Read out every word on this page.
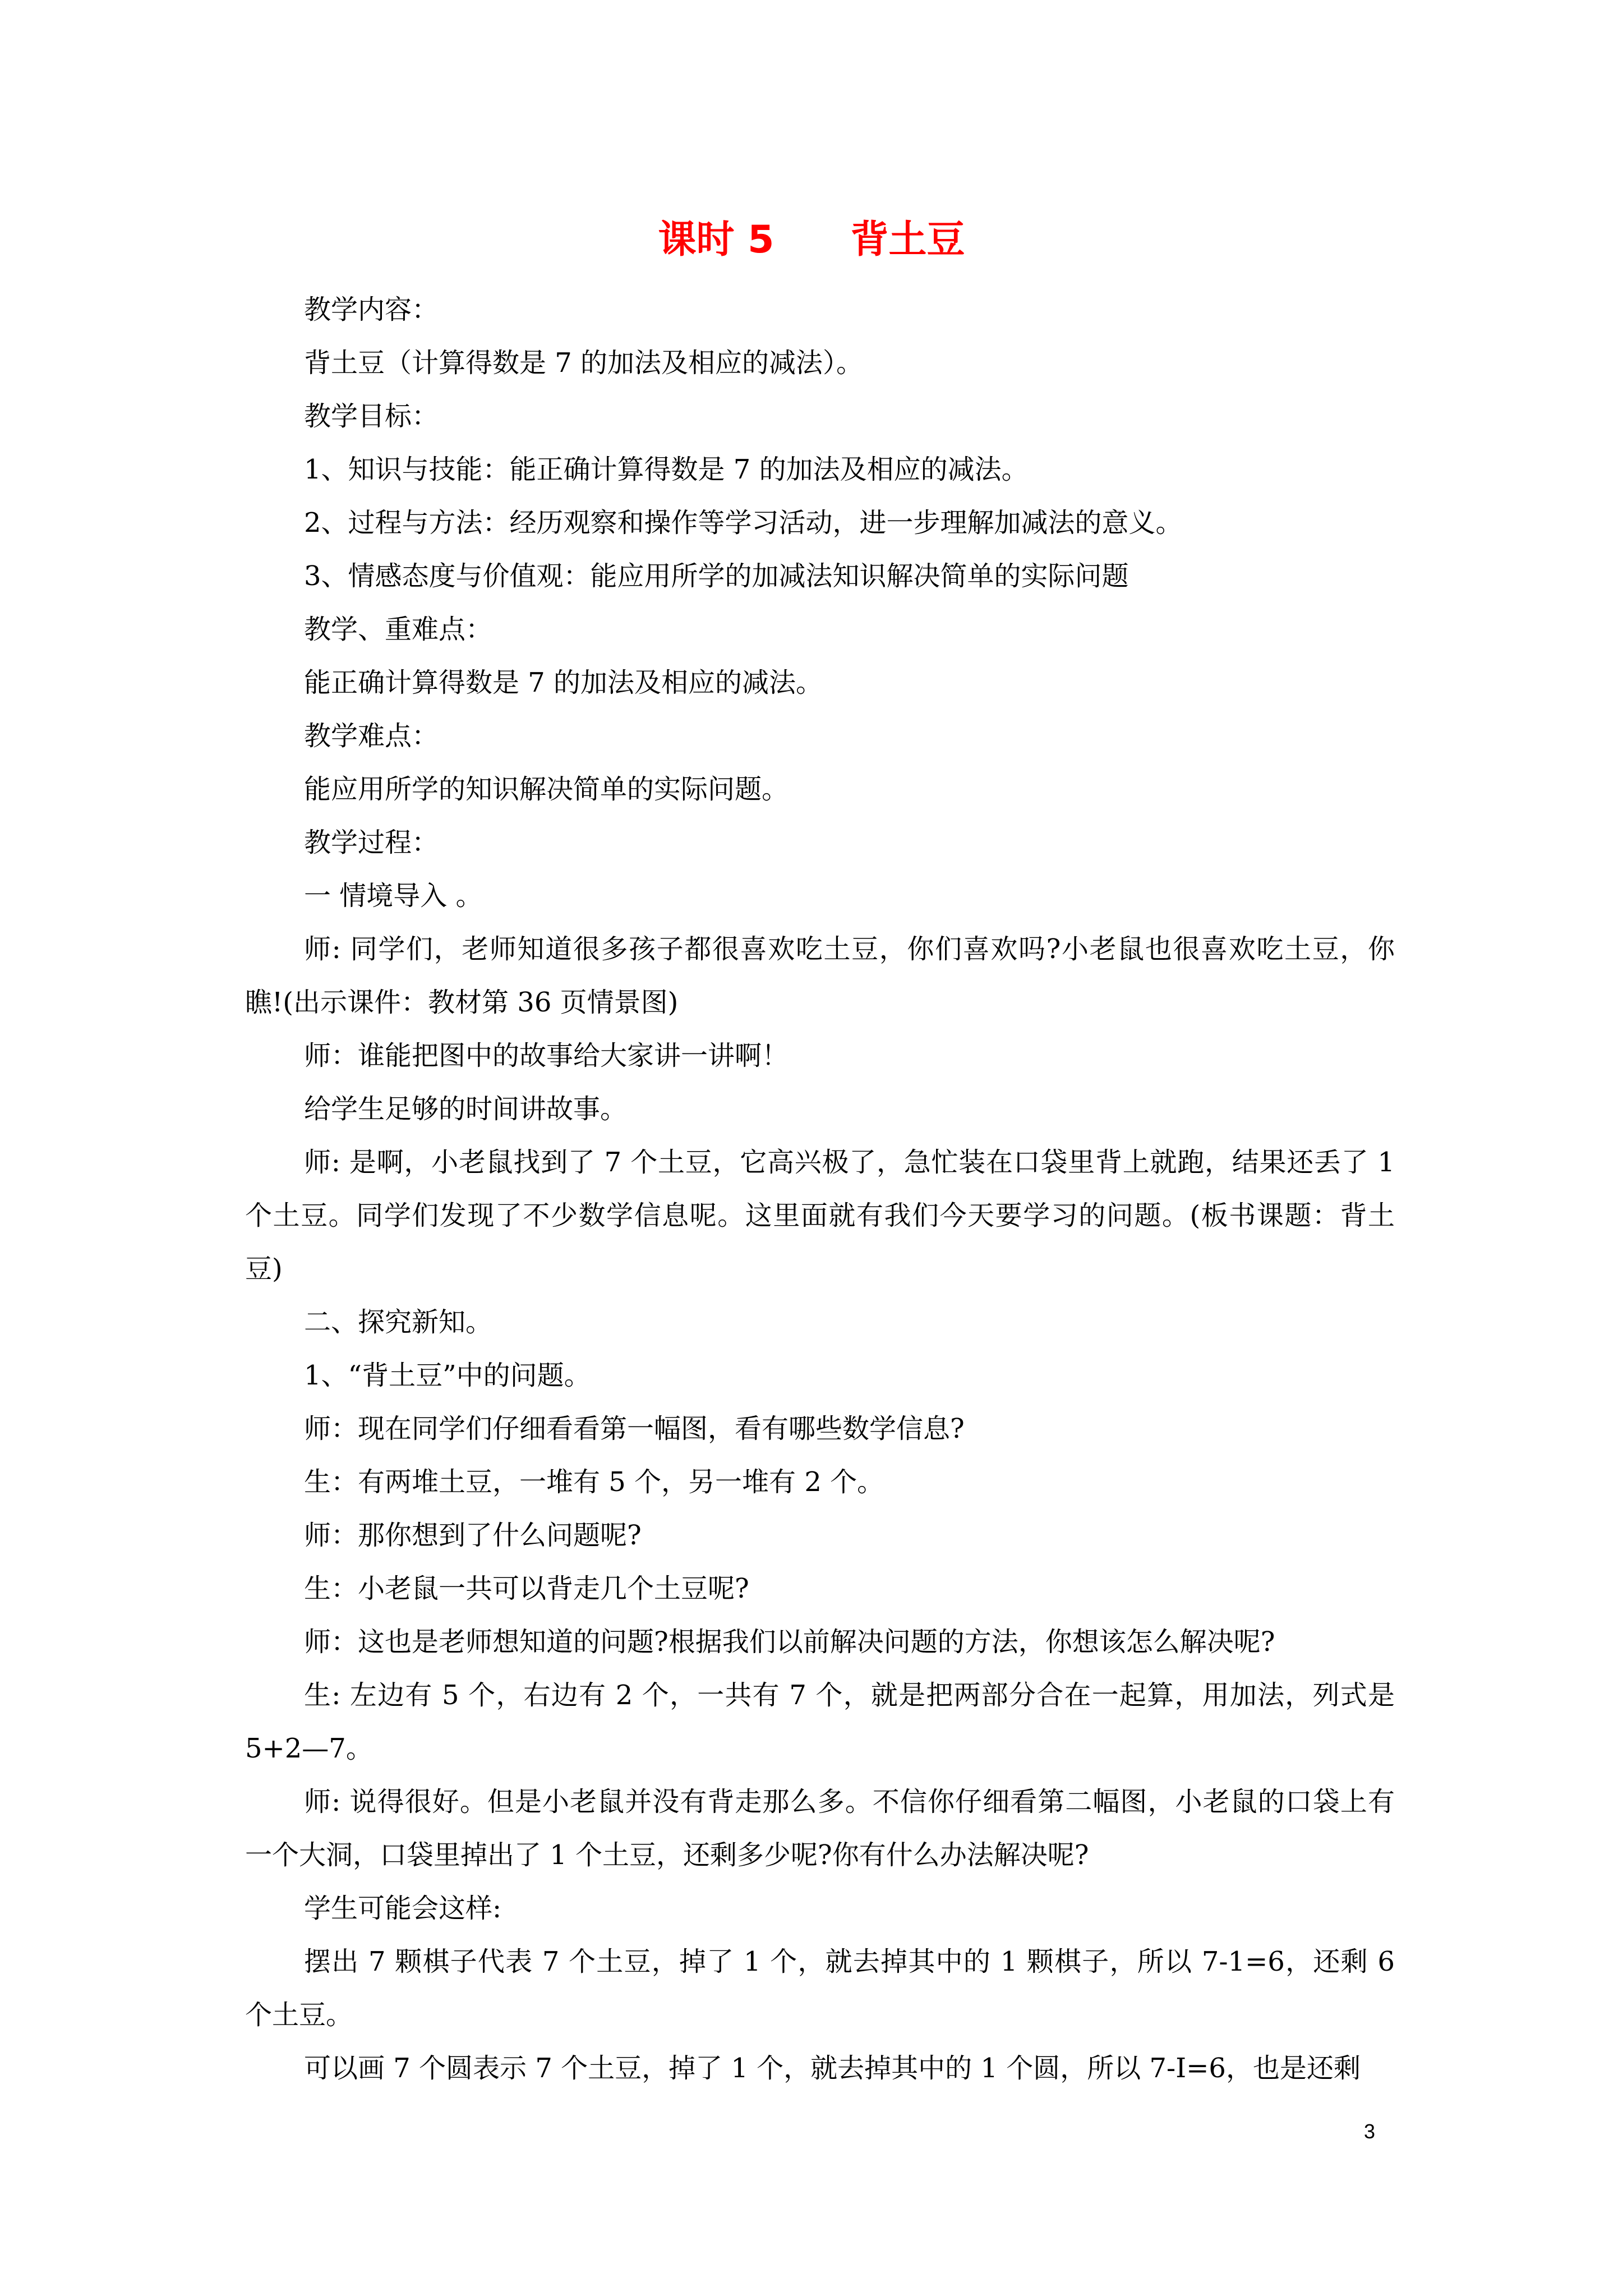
课时 5　　背土豆

教学内容：

背土豆（计算得数是 7 的加法及相应的减法）。

教学目标：

1、知识与技能：能正确计算得数是 7 的加法及相应的减法。

2、过程与方法：经历观察和操作等学习活动，进一步理解加减法的意义。

3、情感态度与价值观：能应用所学的加减法知识解决简单的实际问题

教学、重难点：

能正确计算得数是 7 的加法及相应的减法。

教学难点：

能应用所学的知识解决简单的实际问题。

教学过程：

一 情境导入 。

师: 同学们，老师知道很多孩子都很喜欢吃土豆，你们喜欢吗?小老鼠也很喜欢吃土豆，你瞧!(出示课件：教材第 36 页情景图)

师：谁能把图中的故事给大家讲一讲啊！

给学生足够的时间讲故事。

师: 是啊，小老鼠找到了 7 个土豆，它高兴极了，急忙装在口袋里背上就跑，结果还丢了 1 个土豆。同学们发现了不少数学信息呢。这里面就有我们今天要学习的问题。(板书课题：背土豆)

二、探究新知。

1、“背土豆”中的问题。

师：现在同学们仔细看看第一幅图，看有哪些数学信息?

生：有两堆土豆，一堆有 5 个，另一堆有 2 个。

师：那你想到了什么问题呢?

生：小老鼠一共可以背走几个土豆呢?

师：这也是老师想知道的问题?根据我们以前解决问题的方法，你想该怎么解决呢?

生: 左边有 5 个，右边有 2 个，一共有 7 个，就是把两部分合在一起算，用加法，列式是 5+2—7。

师: 说得很好。但是小老鼠并没有背走那么多。不信你仔细看第二幅图，小老鼠的口袋上有一个大洞，口袋里掉出了 1 个土豆，还剩多少呢?你有什么办法解决呢?

学生可能会这样:

摆出 7 颗棋子代表 7 个土豆，掉了 1 个，就去掉其中的 1 颗棋子，所以 7-1=6，还剩 6 个土豆。

可以画 7 个圆表示 7 个土豆，掉了 1 个，就去掉其中的 1 个圆，所以 7-I=6，也是还剩

3
